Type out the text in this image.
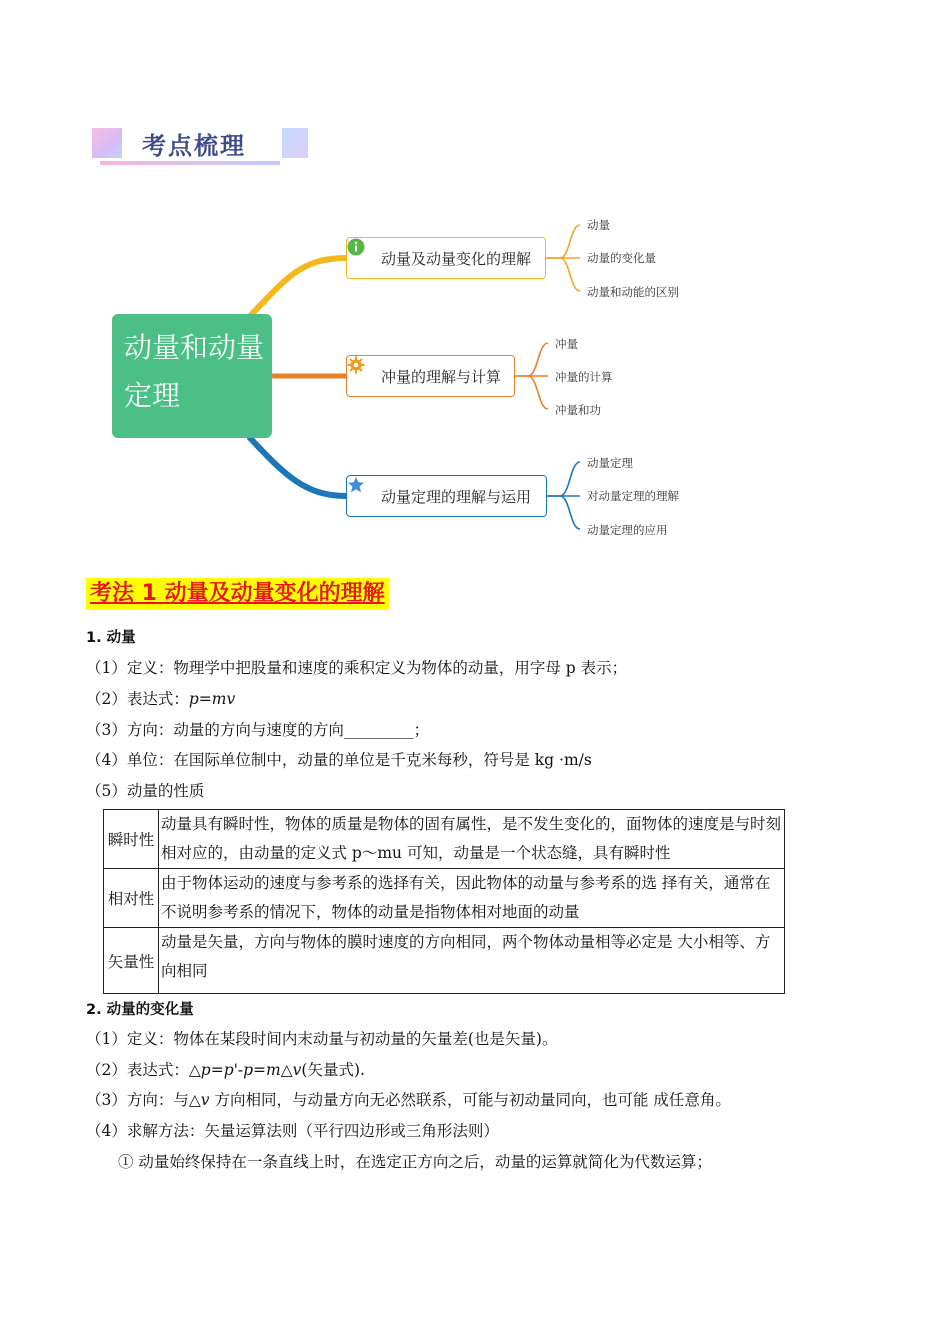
考点梳理
动量和动量定理
动量及动量变化的理解
冲量的理解与计算
动量定理的理解与运用
动量
动量的变化量
动量和动能的区别
冲量
冲量的计算
冲量和功
动量定理
对动量定理的理解
动量定理的应用
考法 1 动量及动量变化的理解
1. 动量
（1）定义：物理学中把股量和速度的乘积定义为物体的动量，用字母 p 表示；
（2）表达式：p=mv
（3）方向：动量的方向与速度的方向_________；
（4）单位：在国际单位制中，动量的单位是千克米每秒，符号是 kg ·m/s
（5）动量的性质
瞬时性	动量具有瞬时性，物体的质量是物体的固有属性，是不发生变化的，面物体的速度是与时刻相对应的，由动量的定义式 p～mu 可知，动量是一个状态缝，具有瞬时性
相对性	由于物体运动的速度与参考系的选择有关，因此物体的动量与参考系的选 择有关，通常在不说明参考系的情况下，物体的动量是指物体相对地面的动量
矢量性	动量是矢量，方向与物体的膜时速度的方向相同，两个物体动量相等必定是 大小相等、方向相同
2. 动量的变化量
（1）定义：物体在某段时间内末动量与初动量的矢量差(也是矢量)。
（2）表达式：△p=p'-p=m△v(矢量式).
（3）方向：与△v 方向相同，与动量方向无必然联系，可能与初动量同向，也可能 成任意角。
（4）求解方法：矢量运算法则（平行四边形或三角形法则）
① 动量始终保持在一条直线上时，在选定正方向之后，动量的运算就简化为代数运算；
